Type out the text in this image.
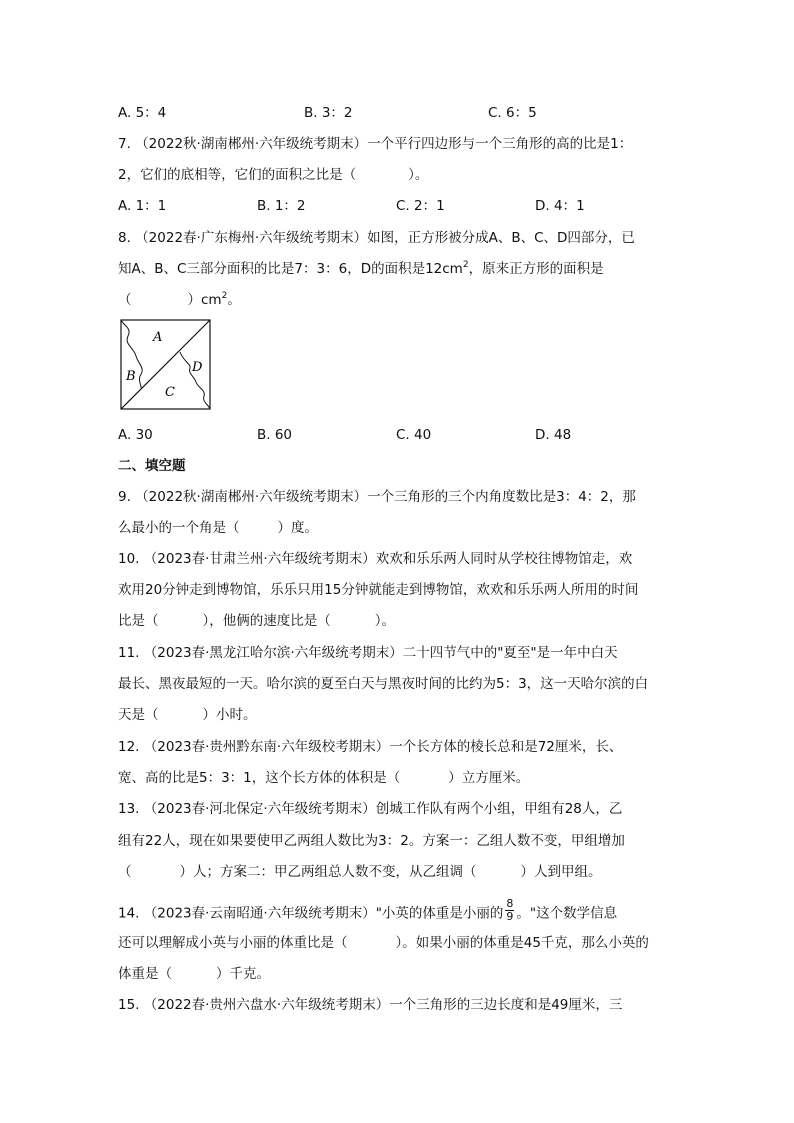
A. 5：4	B. 3：2	C. 6：5
7. （2022秋·湖南郴州·六年级统考期末）一个平行四边形与一个三角形的高的比是1：
2，它们的底相等，它们的面积之比是（	）。
A. 1：1	B. 1：2	C. 2：1	D. 4：1
8. （2022春·广东梅州·六年级统考期末）如图，正方形被分成A、B、C、D四部分，已
知A、B、C三部分面积的比是7：3：6，D的面积是$12cm^2$，原来正方形的面积是
（	）$cm^2$。
A
B
C
D
A. 30	B. 60	C. 40	D. 48
二、填空题
9. （2022秋·湖南郴州·六年级统考期末）一个三角形的三个内角度数比是3：4：2，那
么最小的一个角是（	）度。
10. （2023春·甘肃兰州·六年级统考期末）欢欢和乐乐两人同时从学校往博物馆走，欢
欢用20分钟走到博物馆，乐乐只用15分钟就能走到博物馆，欢欢和乐乐两人所用的时间
比是（	），他俩的速度比是（	）。
11. （2023春·黑龙江哈尔滨·六年级统考期末）二十四节气中的"夏至"是一年中白天
最长、黑夜最短的一天。哈尔滨的夏至白天与黑夜时间的比约为5：3，这一天哈尔滨的白
天是（	）小时。
12. （2023春·贵州黔东南·六年级校考期末）一个长方体的棱长总和是72厘米，长、
宽、高的比是5：3：1，这个长方体的体积是（	）立方厘米。
13. （2023春·河北保定·六年级统考期末）创城工作队有两个小组，甲组有28人，乙
组有22人，现在如果要使甲乙两组人数比为3：2。方案一：乙组人数不变，甲组增加
（	）人；方案二：甲乙两组总人数不变，从乙组调（	）人到甲组。
14. （2023春·云南昭通·六年级统考期末）"小英的体重是小丽的 $\frac{8}{9}$ 。"这个数学信息
还可以理解成小英与小丽的体重比是（	）。如果小丽的体重是45千克，那么小英的
体重是（	）千克。
15. （2022春·贵州六盘水·六年级统考期末）一个三角形的三边长度和是49厘米，三
